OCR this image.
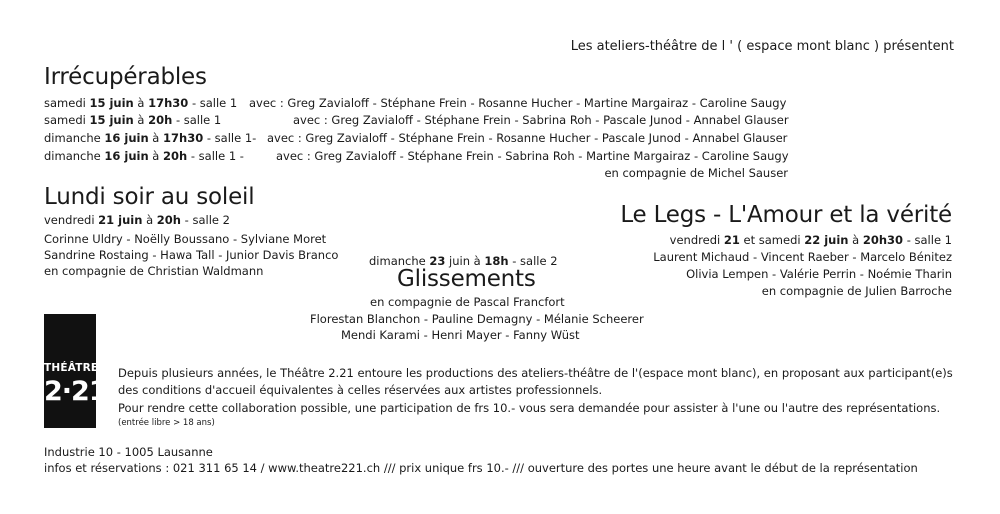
Les ateliers-théâtre de l ' ( espace mont blanc ) présentent
Irrécupérables
samedi 15 juin à 17h30 - salle 1 avec : Greg Zavialoff - Stéphane Frein - Rosanne Hucher - Martine Margairaz - Caroline Saugy
samedi 15 juin à 20h - salle 1	avec : Greg Zavialoff - Stéphane Frein - Sabrina Roh - Pascale Junod - Annabel Glauser
dimanche 16 juin à 17h30 - salle 1- avec : Greg Zavialoff - Stéphane Frein - Rosanne Hucher - Pascale Junod - Annabel Glauser
dimanche 16 juin à 20h - salle 1 -	avec : Greg Zavialoff - Stéphane Frein - Sabrina Roh - Martine Margairaz - Caroline Saugy
en compagnie de Michel Sauser
Lundi soir au soleil
vendredi 21 juin à 20h - salle 2
Corinne Uldry - Noëlly Boussano - Sylviane Moret
Sandrine Rostaing - Hawa Tall - Junior Davis Branco
en compagnie de Christian Waldmann
dimanche 23 juin à 18h - salle 2
Glissements
en compagnie de Pascal Francfort
Florestan Blanchon - Pauline Demagny - Mélanie Scheerer
Mendi Karami - Henri Mayer - Fanny Wüst
Le Legs - L'Amour et la vérité
vendredi 21 et samedi 22 juin à 20h30 - salle 1
Laurent Michaud - Vincent Raeber - Marcelo Bénitez
Olivia Lempen - Valérie Perrin - Noémie Tharin
en compagnie de Julien Barroche
THÉÂTRE
2·21
Depuis plusieurs années, le Théâtre 2.21 entoure les productions des ateliers-théâtre de l'(espace mont blanc), en proposant aux participant(e)s
des conditions d'accueil équivalentes à celles réservées aux artistes professionnels.
Pour rendre cette collaboration possible, une participation de frs 10.- vous sera demandée pour assister à l'une ou l'autre des représentations.
(entrée libre > 18 ans)
Industrie 10 - 1005 Lausanne
infos et réservations : 021 311 65 14 / www.theatre221.ch /// prix unique frs 10.- /// ouverture des portes une heure avant le début de la représentation
